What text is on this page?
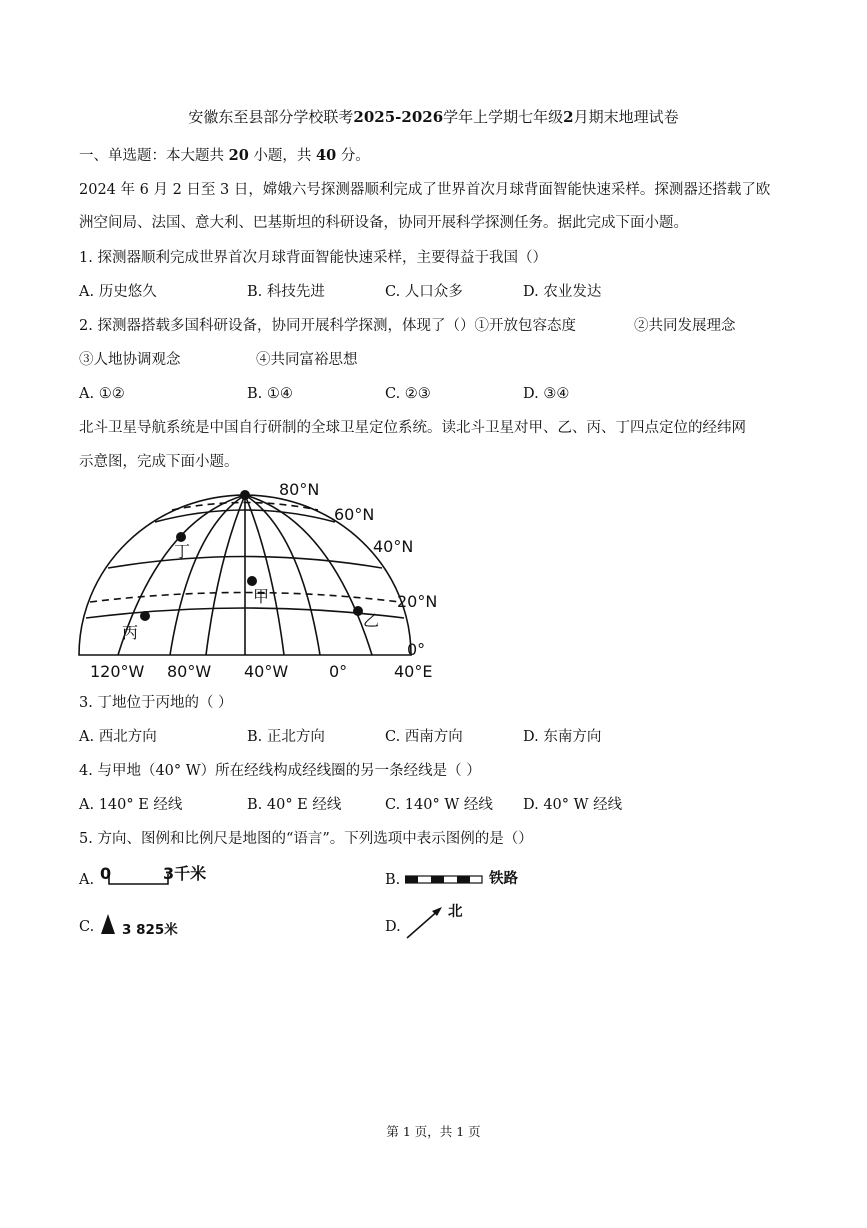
安徽东至县部分学校联考2025-2026学年上学期七年级2月期末地理试卷
一、单选题：本大题共 20 小题，共 40 分。
2024 年 6 月 2 日至 3 日，嫦娥六号探测器顺利完成了世界首次月球背面智能快速采样。探测器还搭载了欧
洲空间局、法国、意大利、巴基斯坦的科研设备，协同开展科学探测任务。据此完成下面小题。
1. 探测器顺利完成世界首次月球背面智能快速采样，主要得益于我国（）
A. 历史悠久	B. 科技先进	C. 人口众多	D. 农业发达
2. 探测器搭载多国科研设备，协同开展科学探测，体现了（）①开放包容态度	②共同发展理念
③人地协调观念	④共同富裕思想
A. ①②	B. ①④	C. ②③	D. ③④
北斗卫星导航系统是中国自行研制的全球卫星定位系统。读北斗卫星对甲、乙、丙、丁四点定位的经纬网
示意图，完成下面小题。
丁
甲
丙
乙
80°N
60°N
40°N
20°N
0°
120°W 80°W 40°W	0°	40°E
3. 丁地位于丙地的（ ）
A. 西北方向	B. 正北方向	C. 西南方向	D. 东南方向
4. 与甲地（40° W）所在经线构成经线圈的另一条经线是（ ）
A. 140° E 经线	B. 40° E 经线	C. 140° W 经线 D. 40° W 经线
5. 方向、图例和比例尺是地图的“语言”。下列选项中表示图例的是（）
A. 0	3千米	B.	铁路
C. 3 825米	D.
北
第 1 页，共 1 页
